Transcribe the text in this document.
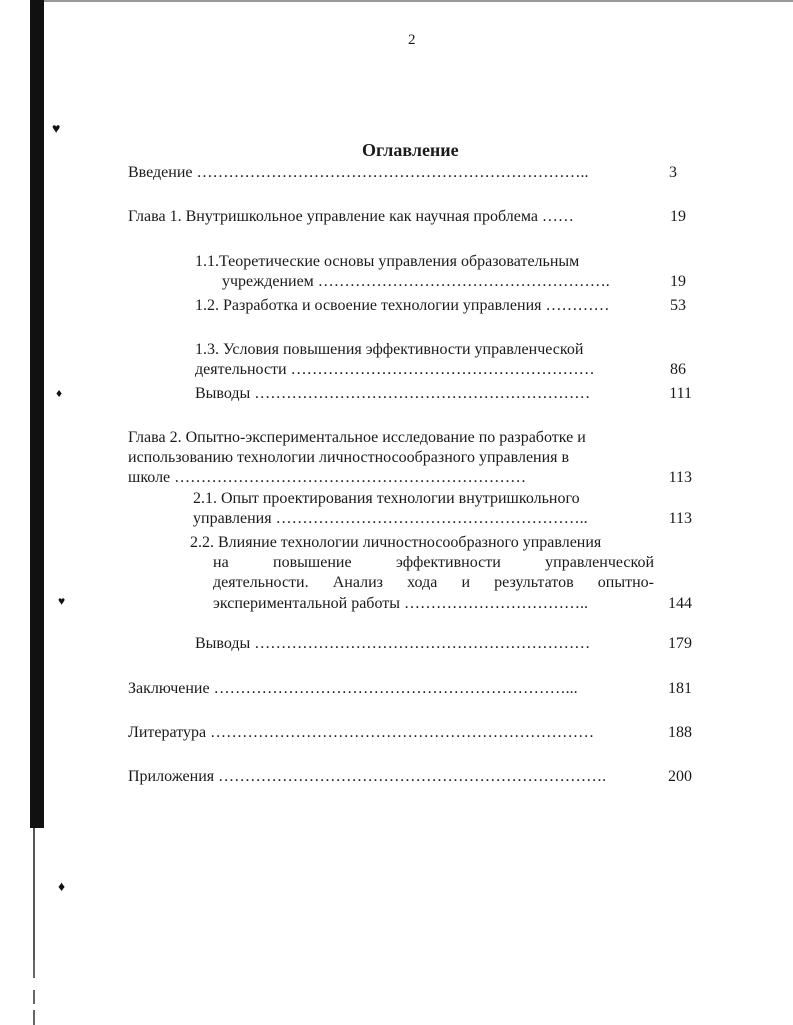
♥
♦
♥
♦
2
Оглавление
Введение ………………………………………………………………..	3
Глава 1. Внутришкольное управление как научная проблема ……	19
1.1.Теоретические основы управления образовательным
учреждением ……………………………………………….	19
1.2. Разработка и освоение технологии управления …………	53
1.3. Условия повышения эффективности управленческой
деятельности …………………………………………………	86
Выводы ………………………………………………………	111
Глава 2. Опытно-экспериментальное исследование по разработке и
использованию технологии личностносообразного управления в
школе …………………………………………………………	113
2.1. Опыт проектирования технологии внутришкольного
управления …………………………………………………..	113
2.2. Влияние технологии личностносообразного управления
на повышение эффективности управленческой
деятельности. Анализ хода и результатов опытно-
экспериментальной работы ……………………………..	144
Выводы ………………………………………………………	179
Заключение …………………………………………………………...	181
Литература ………………………………………………………………	188
Приложения ……………………………………………………………….	200
